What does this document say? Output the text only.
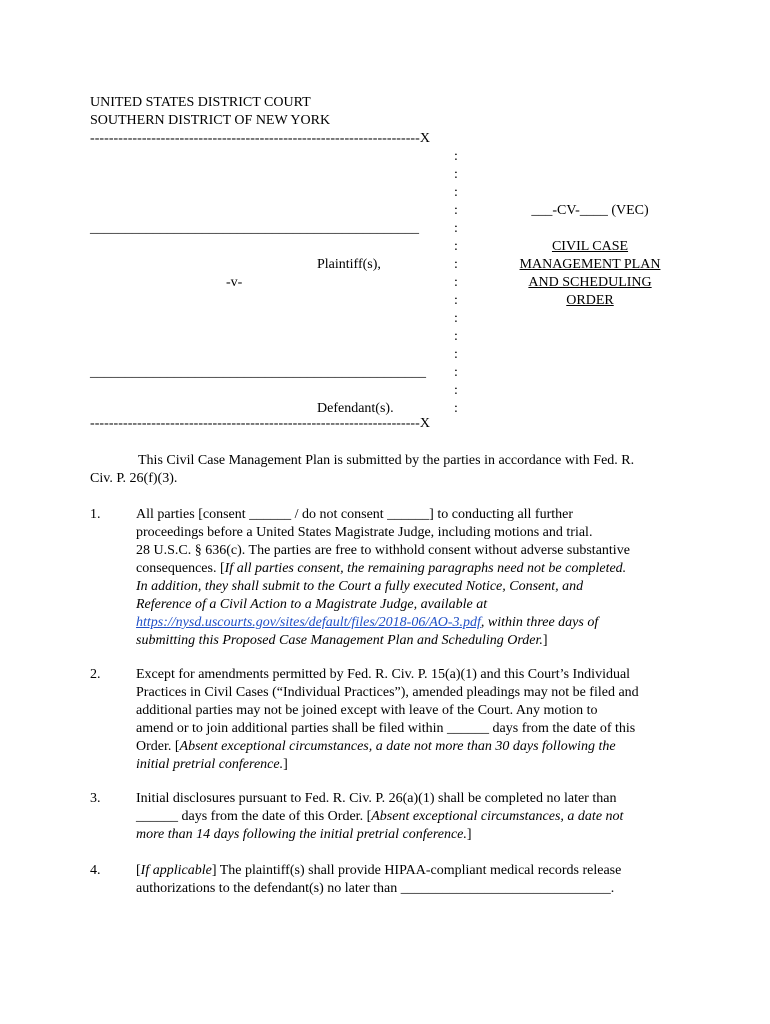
UNITED STATES DISTRICT COURT
SOUTHERN DISTRICT OF NEW YORK
----------------------------------------------------------------------X
:
:
:
:
:
:
:
:
:
:
:
:
:
:
:
_______________________________________________
Plaintiff(s),
-v-
________________________________________________
Defendant(s).
----------------------------------------------------------------------X
___-CV-____ (VEC)
CIVIL CASE
MANAGEMENT PLAN
AND SCHEDULING
ORDER
This Civil Case Management Plan is submitted by the parties in accordance with Fed. R.
Civ. P. 26(f)(3).
1.	All parties [consent ______ / do not consent ______] to conducting all further
proceedings before a United States Magistrate Judge, including motions and trial.
28 U.S.C. § 636(c). The parties are free to withhold consent without adverse substantive
consequences. [If all parties consent, the remaining paragraphs need not be completed.
In addition, they shall submit to the Court a fully executed Notice, Consent, and
Reference of a Civil Action to a Magistrate Judge, available at
https://nysd.uscourts.gov/sites/default/files/2018-06/AO-3.pdf, within three days of
submitting this Proposed Case Management Plan and Scheduling Order.]
2.	Except for amendments permitted by Fed. R. Civ. P. 15(a)(1) and this Court’s Individual
Practices in Civil Cases (“Individual Practices”), amended pleadings may not be filed and
additional parties may not be joined except with leave of the Court. Any motion to
amend or to join additional parties shall be filed within ______ days from the date of this
Order. [Absent exceptional circumstances, a date not more than 30 days following the
initial pretrial conference.]
3.	Initial disclosures pursuant to Fed. R. Civ. P. 26(a)(1) shall be completed no later than
______ days from the date of this Order. [Absent exceptional circumstances, a date not
more than 14 days following the initial pretrial conference.]
4.	[If applicable] The plaintiff(s) shall provide HIPAA-compliant medical records release
authorizations to the defendant(s) no later than ______________________________.
